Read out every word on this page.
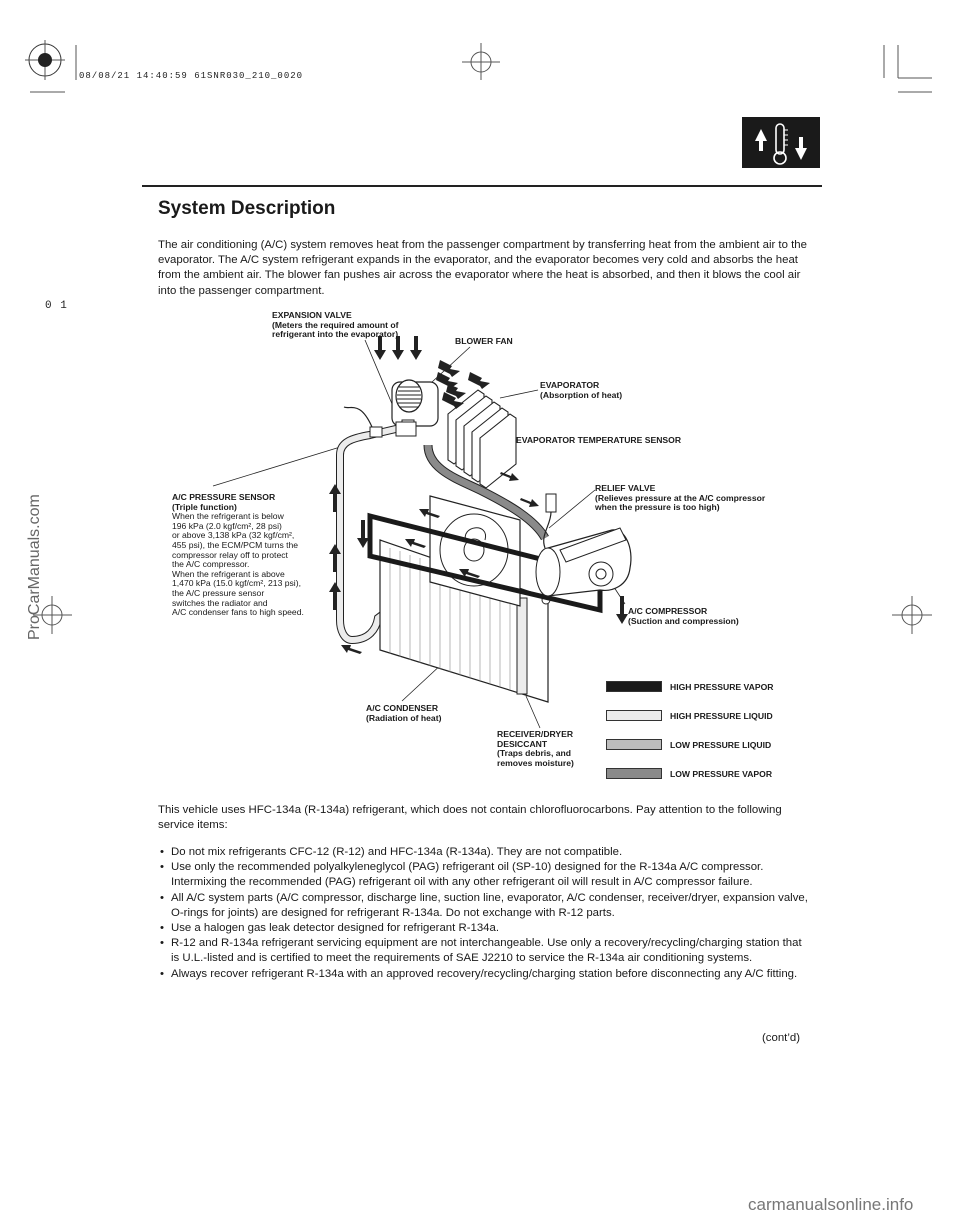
08/08/21 14:40:59 61SNR030_210_0020
0 1
System Description
The air conditioning (A/C) system removes heat from the passenger compartment by transferring heat from the ambient air to the evaporator. The A/C system refrigerant expands in the evaporator, and the evaporator becomes very cold and absorbs the heat from the ambient air. The blower fan pushes air across the evaporator where the heat is absorbed, and then it blows the cool air into the passenger compartment.
EXPANSION VALVE
(Meters the required amount of
refrigerant into the evaporator)
BLOWER FAN
EVAPORATOR
(Absorption of heat)
EVAPORATOR TEMPERATURE SENSOR
A/C PRESSURE SENSOR
(Triple function)
When the refrigerant is below
196 kPa (2.0 kgf/cm², 28 psi)
or above 3,138 kPa (32 kgf/cm²,
455 psi), the ECM/PCM turns the
compressor relay off to protect
the A/C compressor.
When the refrigerant is above
1,470 kPa (15.0 kgf/cm², 213 psi),
the A/C pressure sensor
switches the radiator and
A/C condenser fans to high speed.
RELIEF VALVE
(Relieves pressure at the A/C compressor
when the pressure is too high)
A/C COMPRESSOR
(Suction and compression)
A/C CONDENSER
(Radiation of heat)
RECEIVER/DRYER
DESICCANT
(Traps debris, and
removes moisture)
HIGH PRESSURE VAPOR
HIGH PRESSURE LIQUID
LOW PRESSURE LIQUID
LOW PRESSURE VAPOR
This vehicle uses HFC-134a (R-134a) refrigerant, which does not contain chlorofluorocarbons. Pay attention to the following service items:
• Do not mix refrigerants CFC-12 (R-12) and HFC-134a (R-134a). They are not compatible.
• Use only the recommended polyalkyleneglycol (PAG) refrigerant oil (SP-10) designed for the R-134a A/C compressor. Intermixing the recommended (PAG) refrigerant oil with any other refrigerant oil will result in A/C compressor failure.
• All A/C system parts (A/C compressor, discharge line, suction line, evaporator, A/C condenser, receiver/dryer, expansion valve, O-rings for joints) are designed for refrigerant R-134a. Do not exchange with R-12 parts.
• Use a halogen gas leak detector designed for refrigerant R-134a.
• R-12 and R-134a refrigerant servicing equipment are not interchangeable. Use only a recovery/recycling/charging station that is U.L.-listed and is certified to meet the requirements of SAE J2210 to service the R-134a air conditioning systems.
• Always recover refrigerant R-134a with an approved recovery/recycling/charging station before disconnecting any A/C fitting.
(cont’d)
ProCarManuals.com
carmanualsonline.info
